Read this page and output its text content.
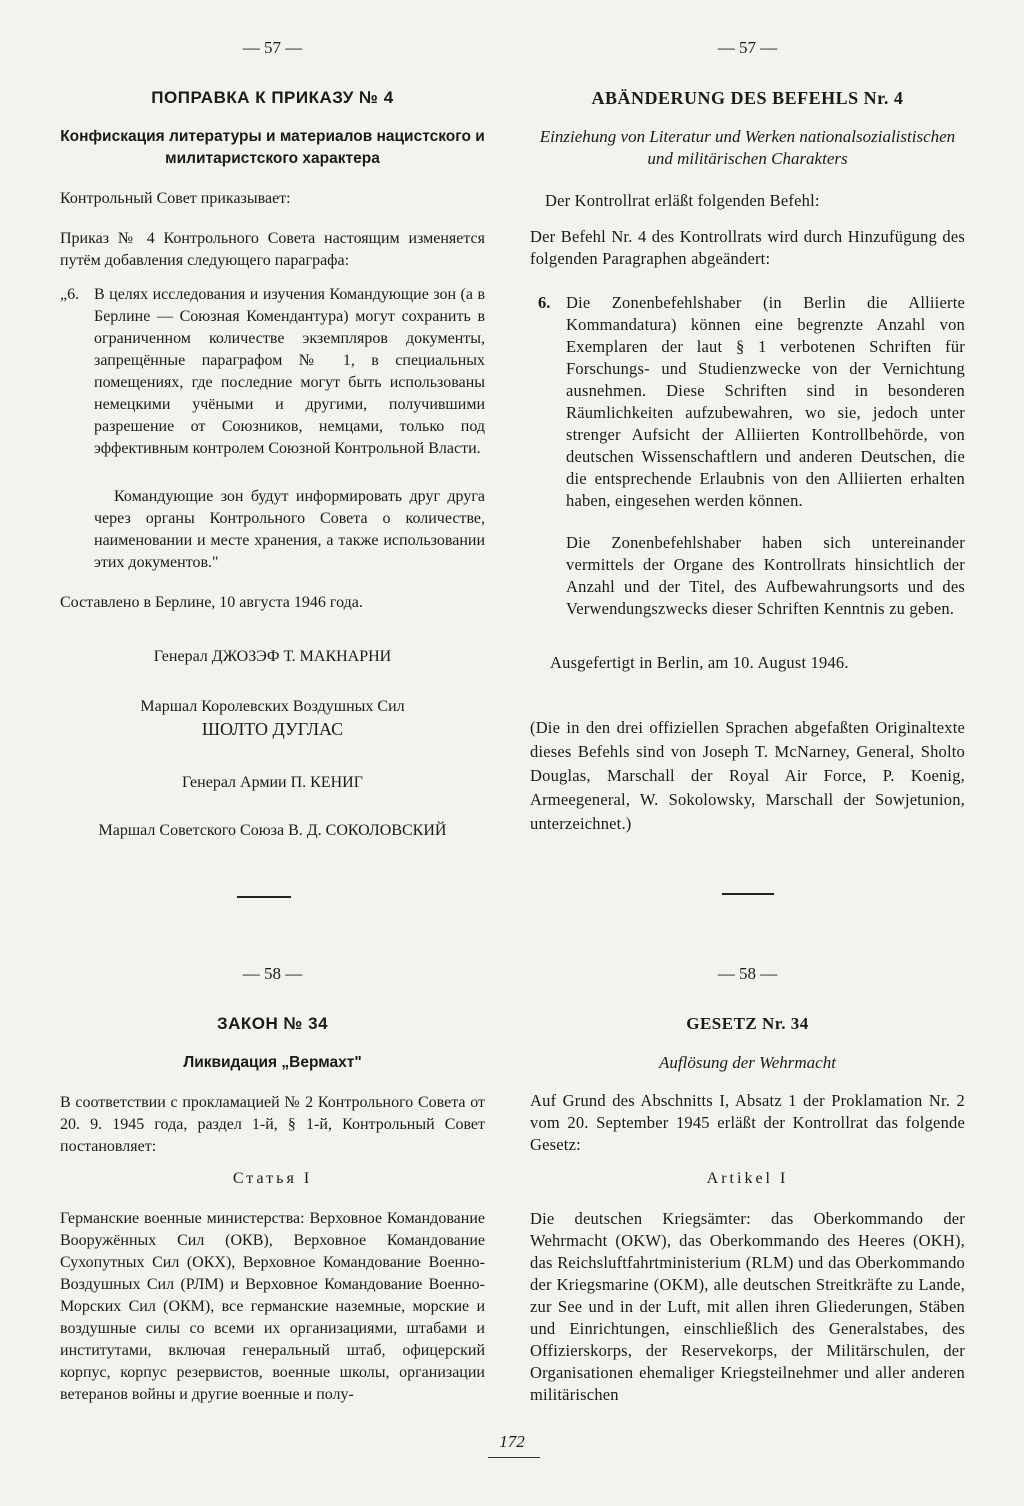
— 57 —
ПОПРАВКА К ПРИКАЗУ № 4
Конфискация литературы и материалов нацистского и милитаристского характера

Контрольный Совет приказывает:

Приказ № 4 Контрольного Совета настоящим изменяется путём добавления следующего параграфа:

„6. В целях исследования и изучения Командующие зон (а в Берлине — Союзная Комендантура) могут сохранить в ограниченном количестве экземпляров документы, запрещённые параграфом № 1, в специальных помещениях, где последние могут быть использованы немецкими учёными и другими, получившими разрешение от Союзников, немцами, только под эффективным контролем Союзной Контрольной Власти.

Командующие зон будут информировать друг друга через органы Контрольного Совета о количестве, наименовании и месте хранения, а также использовании этих документов."

Составлено в Берлине, 10 августа 1946 года.

Генерал ДЖОЗЭФ Т. МАКНАРНИ
Маршал Королевских Воздушных Сил
ШОЛТО ДУГЛАС
Генерал Армии П. КЕНИГ
Маршал Советского Союза В. Д. СОКОЛОВСКИЙ
— 58 —
ЗАКОН № 34
Ликвидация „Вермахт"

В соответствии с прокламацией № 2 Контрольного Совета от 20. 9. 1945 года, раздел 1-й, § 1-й, Контрольный Совет постановляет:

Статья I

Германские военные министерства: Верховное Командование Вооружённых Сил (ОКВ), Верховное Командование Сухопутных Сил (ОКХ), Верховное Командование Военно-Воздушных Сил (РЛМ) и Верховное Командование Военно-Морских Сил (ОКМ), все германские наземные, морские и воздушные силы со всеми их организациями, штабами и институтами, включая генеральный штаб, офицерский корпус, корпус резервистов, военные школы, организации ветеранов войны и другие военные и полу-

— 57 —
ABÄNDERUNG DES BEFEHLS Nr. 4
Einziehung von Literatur und Werken nationalsozialistischen und militärischen Charakters

Der Kontrollrat erläßt folgenden Befehl:

Der Befehl Nr. 4 des Kontrollrats wird durch Hinzufügung des folgenden Paragraphen abgeändert:

6. Die Zonenbefehlshaber (in Berlin die Alliierte Kommandatura) können eine begrenzte Anzahl von Exemplaren der laut § 1 verbotenen Schriften für Forschungs- und Studienzwecke von der Vernichtung ausnehmen. Diese Schriften sind in besonderen Räumlichkeiten aufzubewahren, wo sie, jedoch unter strenger Aufsicht der Alliierten Kontrollbehörde, von deutschen Wissenschaftlern und anderen Deutschen, die die entsprechende Erlaubnis von den Alliierten erhalten haben, eingesehen werden können.

Die Zonenbefehlshaber haben sich untereinander vermittels der Organe des Kontrollrats hinsichtlich der Anzahl und der Titel, des Aufbewahrungsorts und des Verwendungszwecks dieser Schriften Kenntnis zu geben.

Ausgefertigt in Berlin, am 10. August 1946.

(Die in den drei offiziellen Sprachen abgefaßten Originaltexte dieses Befehls sind von Joseph T. McNarney, General, Sholto Douglas, Marschall der Royal Air Force, P. Koenig, Armeegeneral, W. Sokolowsky, Marschall der Sowjetunion, unterzeichnet.)

— 58 —
GESETZ Nr. 34
Auflösung der Wehrmacht

Auf Grund des Abschnitts I, Absatz 1 der Proklamation Nr. 2 vom 20. September 1945 erläßt der Kontrollrat das folgende Gesetz:

Artikel I

Die deutschen Kriegsämter: das Oberkommando der Wehrmacht (OKW), das Oberkommando des Heeres (OKH), das Reichsluftfahrtministerium (RLM) und das Oberkommando der Kriegsmarine (OKM), alle deutschen Streitkräfte zu Lande, zur See und in der Luft, mit allen ihren Gliederungen, Stäben und Einrichtungen, einschließlich des Generalstabes, des Offizierskorps, der Reservekorps, der Militärschulen, der Organisationen ehemaliger Kriegsteilnehmer und aller anderen militärischen

172
